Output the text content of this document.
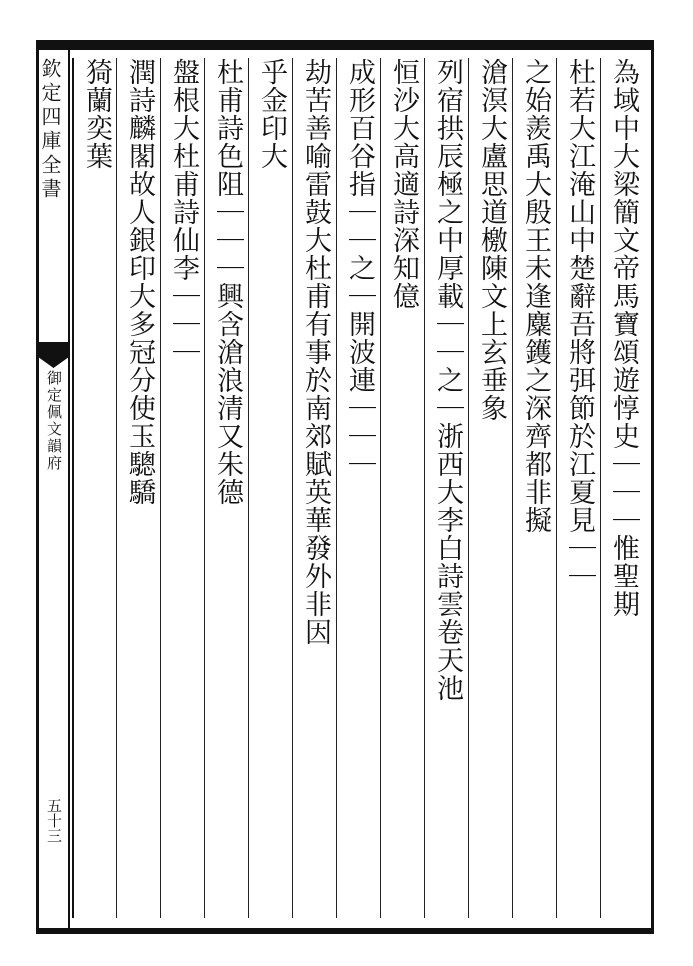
欽定四庫全書
御定佩文韻府
五十三
為域中大梁簡文帝馬寶頌遊惇史｜｜｜惟聖期
杜若大江淹山中楚辭吾將弭節於江夏見｜｜
之始羨禹大殷王未逢麋鑊之深齊都非擬
滄溟大盧思道檄陳文上玄垂象
列宿拱辰極之中厚載｜｜之｜浙西大李白詩雲卷天池
恒沙大高適詩深知億
成形百谷指｜｜之｜開波連｜｜｜
劫苦善喻雷鼓大杜甫有事於南郊賦英華發外非因
乎金印大
杜甫詩色阻｜｜｜興含滄浪清又朱德
盤根大杜甫詩仙李｜｜｜
潤詩麟閣故人銀印大多冠分使玉驄驕
猗蘭奕葉
